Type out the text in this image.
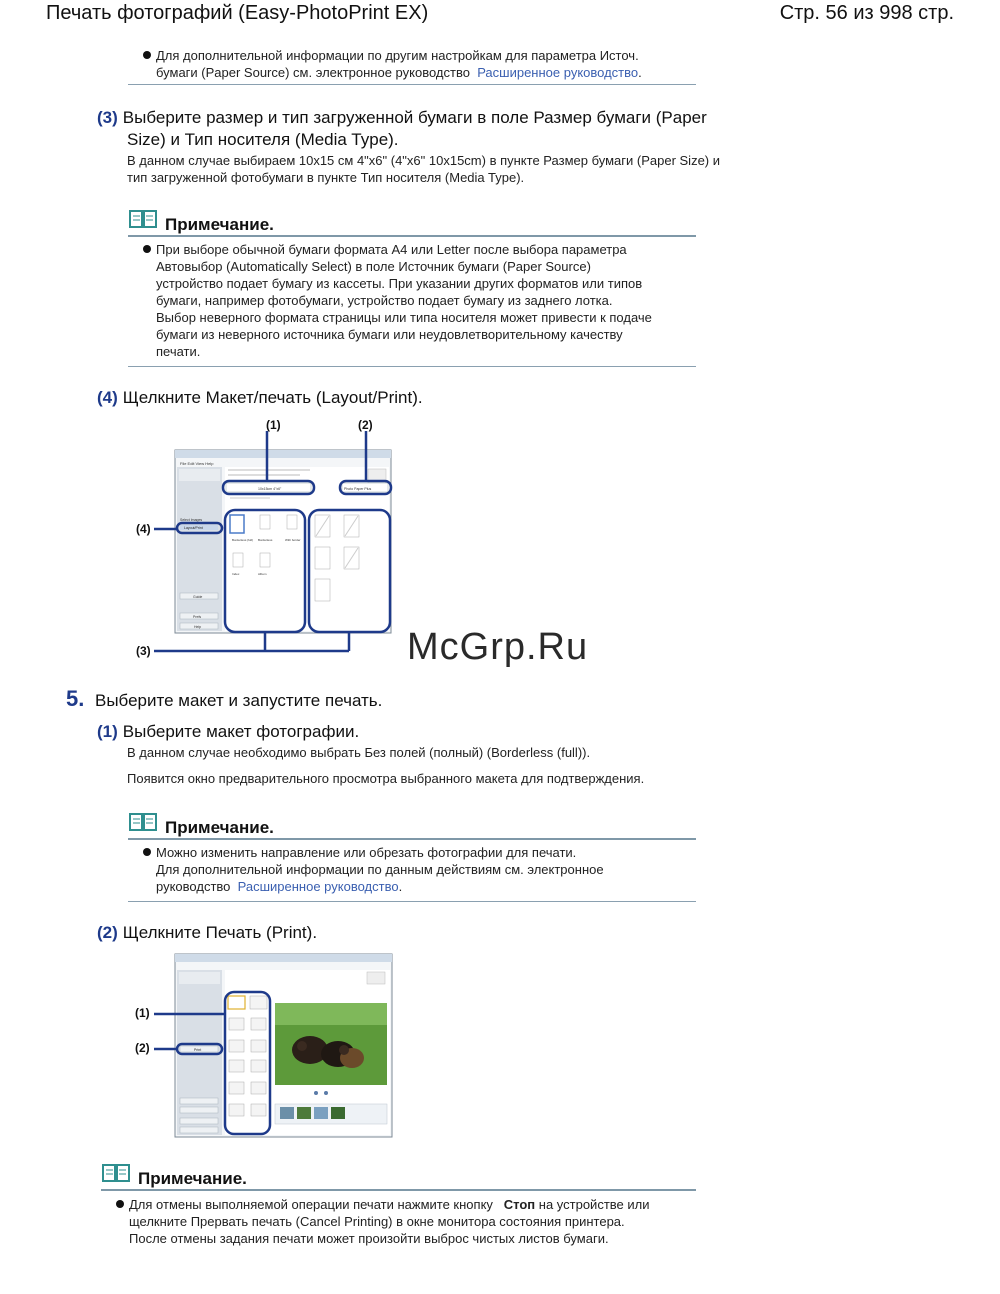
Печать фотографий (Easy-PhotoPrint EX)	Стр. 56 из 998 стр.
Для дополнительной информации по другим настройкам для параметра Источ.
бумаги (Paper Source) см. электронное руководство Расширенное руководство.
(3) Выберите размер и тип загруженной бумаги в поле Размер бумаги (Paper
Size) и Тип носителя (Media Type).
В данном случае выбираем 10x15 см 4"x6" (4"x6" 10x15cm) в пункте Размер бумаги (Paper Size) и
тип загруженной фотобумаги в пункте Тип носителя (Media Type).
Примечание.
При выборе обычной бумаги формата A4 или Letter после выбора параметра
Автовыбор (Automatically Select) в поле Источник бумаги (Paper Source)
устройство подает бумагу из кассеты. При указании других форматов или типов
бумаги, например фотобумаги, устройство подает бумагу из заднего лотка.
Выбор неверного формата страницы или типа носителя может привести к подаче
бумаги из неверного источника бумаги или неудовлетворительному качеству
печати.
(4) Щелкните Макет/печать (Layout/Print).
(1)	(2)
(4)
(3)
File Edit View Help
Select Images
Layout/Print
Guide
Prefs
Help
10x15cm 4"x6"	Photo Paper Plus
Borderless (full) Borderless	With border
Index	Album
McGrp.Ru
5. Выберите макет и запустите печать.
(1) Выберите макет фотографии.
В данном случае необходимо выбрать Без полей (полный) (Borderless (full)).
Появится окно предварительного просмотра выбранного макета для подтверждения.
Примечание.
Можно изменить направление или обрезать фотографии для печати.
Для дополнительной информации по данным действиям см. электронное
руководство Расширенное руководство.
(2) Щелкните Печать (Print).
(1)
(2)	Print
Примечание.
Для отмены выполняемой операции печати нажмите кнопку Стоп на устройстве или
щелкните Прервать печать (Cancel Printing) в окне монитора состояния принтера.
После отмены задания печати может произойти выброс чистых листов бумаги.
